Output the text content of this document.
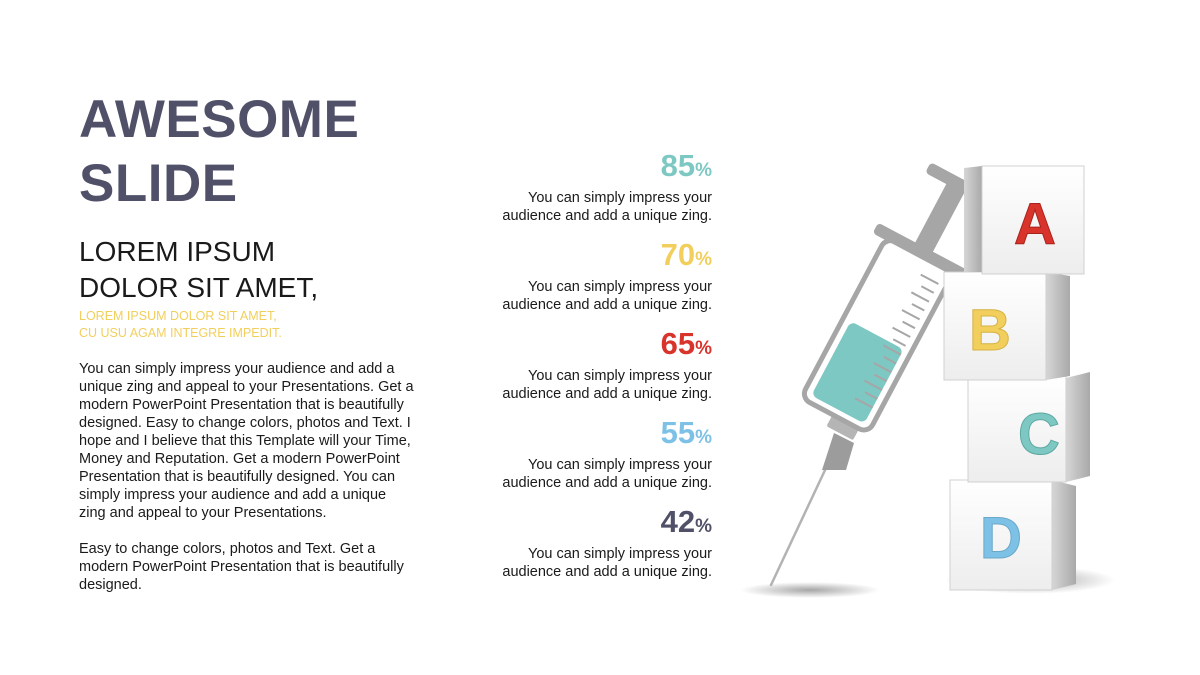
AWESOME
SLIDE
LOREM IPSUM
DOLOR SIT AMET,
LOREM IPSUM DOLOR SIT AMET,
CU USU AGAM INTEGRE IMPEDIT.
You can simply impress your audience and add a
unique zing and appeal to your Presentations. Get a
modern PowerPoint Presentation that is beautifully
designed. Easy to change colors, photos and Text. I
hope and I believe that this Template will your Time,
Money and Reputation. Get a modern PowerPoint
Presentation that is beautifully designed. You can
simply impress your audience and add a unique
zing and appeal to your Presentations.
Easy to change colors, photos and Text. Get a
modern PowerPoint Presentation that is beautifully
designed.
85%
You can simply impress your
audience and add a unique zing.
70%
You can simply impress your
audience and add a unique zing.
65%
You can simply impress your
audience and add a unique zing.
55%
You can simply impress your
audience and add a unique zing.
42%
You can simply impress your
audience and add a unique zing.
D
C
B
A
